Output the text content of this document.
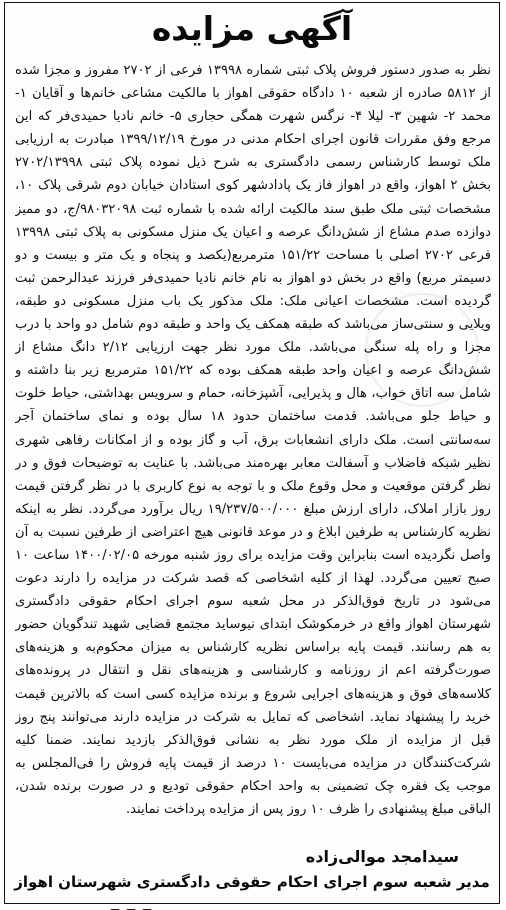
آگهی مزایده
نظر به صدور دستور فروش پلاک ثبتی شماره ۱۳۹۹۸ فرعی از ۲۷۰۲ مفروز و مجزا شده از ۵۸۱۲ صادره از شعبه ۱۰ دادگاه حقوقی اهواز با مالکیت مشاعی خانم‌ها و آقایان ۱- محمد ۲- شهین ۳- لیلا ۴- نرگس شهرت همگی حجاری ۵- خانم نادیا حمیدی‌فر که این مرجع وفق مقررات قانون اجرای احکام مدنی در مورخ ۱۳۹۹/۱۲/۱۹ مبادرت به ارزیابی ملک توسط کارشناس رسمی دادگستری به شرح ذیل نموده پلاک ثبتی ۲۷۰۲/۱۳۹۹۸ بخش ۲ اهواز، واقع در اهواز فاز یک پادادشهر کوی استادان خیابان دوم شرقی پلاک ۱۰، مشخصات ثبتی ملک طبق سند مالکیت ارائه شده با شماره ثبت ۹۸۰۳۲۰۹۸/ج، دو ممیز دوازده صدم مشاع از شش‌دانگ عرصه و اعیان یک منزل مسکونی به پلاک ثبتی ۱۳۹۹۸ فرعی ۲۷۰۲ اصلی با مساحت ۱۵۱/۲۲ مترمربع(یکصد و پنجاه و یک متر و بیست و دو دسیمتر مربع) واقع در بخش دو اهواز به نام خانم نادیا حمیدی‌فر فرزند عبدالرحمن ثبت گردیده است. مشخصات اعیانی ملک: ملک مذکور یک باب منزل مسکونی دو طبقه، ویلایی و سنتی‌ساز می‌باشد که طبقه همکف یک واحد و طبقه دوم شامل دو واحد با درب مجزا و راه پله سنگی می‌باشد. ملک مورد نظر جهت ارزیابی ۲/۱۲ دانگ مشاع از شش‌دانگ عرصه و اعیان واحد طبقه همکف بوده که ۱۵۱/۲۲ مترمربع زیر بنا داشته و شامل سه اتاق خواب، هال و پذیرایی، آشپزخانه، حمام و سرویس بهداشتی، حیاط خلوت و حیاط جلو می‌باشد. قدمت ساختمان حدود ۱۸ سال بوده و نمای ساختمان آجر سه‌سانتی است. ملک دارای انشعابات برق، آب و گاز بوده و از امکانات رفاهی شهری نظیر شبکه فاضلاب و آسفالت معابر بهره‌مند می‌باشد. با عنایت به توضیحات فوق و در نظر گرفتن موقعیت و محل وقوع ملک و با توجه به نوع کاربری با در نظر گرفتن قیمت روز بازار املاک، دارای ارزش مبلغ ۱۹/۲۳۷/۵۰۰/۰۰۰ ریال برآورد می‌گردد. نظر به اینکه نظریه کارشناس به طرفین ابلاغ و در موعد قانونی هیچ اعتراضی از طرفین نسبت به آن واصل نگردیده است بنابراین وقت مزایده برای روز شنبه مورخه ۱۴۰۰/۰۲/۰۵ ساعت ۱۰ صبح تعیین می‌گردد. لهذا از کلیه اشخاصی که قصد شرکت در مزایده را دارند دعوت می‌شود در تاریخ فوق‌الذکر در محل شعبه سوم اجرای احکام حقوقی دادگستری شهرستان اهواز واقع در خرمکوشک ابتدای نیوساید مجتمع قضایی شهید تندگویان حضور به هم رسانند. قیمت پایه براساس نظریه کارشناس به میزان محکوم‌به و هزینه‌های صورت‌گرفته اعم از روزنامه و کارشناسی و هزینه‌های نقل و انتقال در پرونده‌های کلاسه‌های فوق و هزینه‌های اجرایی شروع و برنده مزایده کسی است که بالاترین قیمت خرید را پیشنهاد نماید. اشخاصی که تمایل به شرکت در مزایده دارند می‌توانند پنج روز قبل از مزایده از ملک مورد نظر به نشانی فوق‌الذکر بازدید نمایند. ضمنا کلیه شرکت‌کنندگان در مزایده می‌بایست ۱۰ درصد از قیمت پایه فروش را فی‌المجلس به موجب یک فقره چک تضمینی به واحد احکام حقوقی تودیع و در صورت برنده شدن، الباقی مبلغ پیشنهادی را ظرف ۱۰ روز پس از مزایده پرداخت نمایند.
سیدامجد موالی‌زاده
مدیر شعبه سوم اجرای احکام حقوقی دادگستری شهرستان اهواز
